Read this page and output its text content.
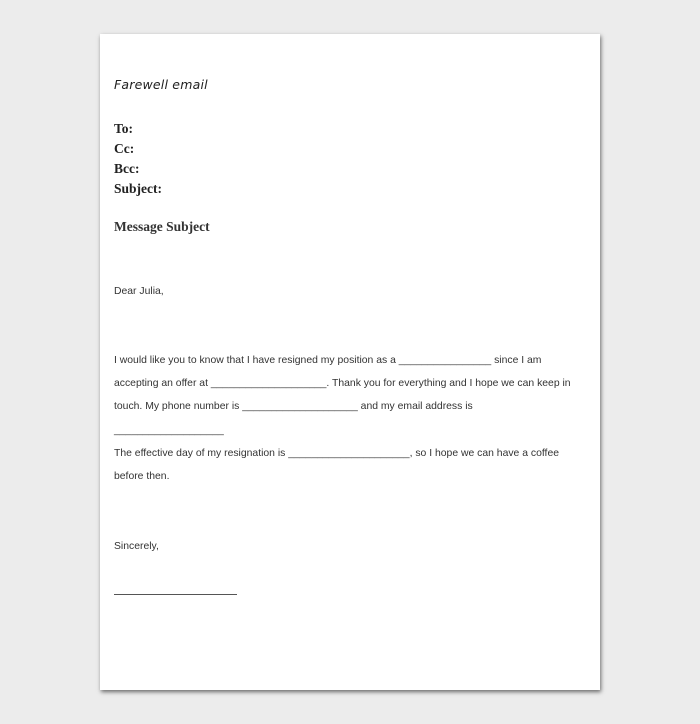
Farewell email
To:
Cc:
Bcc:
Subject:
Message Subject
Dear Julia,
I would like you to know that I have resigned my position as a ________________ since I am accepting an offer at ____________________. Thank you for everything and I hope we can keep in touch. My phone number is ____________________ and my email address is ___________________
The effective day of my resignation is _____________________, so I hope we can have a coffee before then.
Sincerely,
